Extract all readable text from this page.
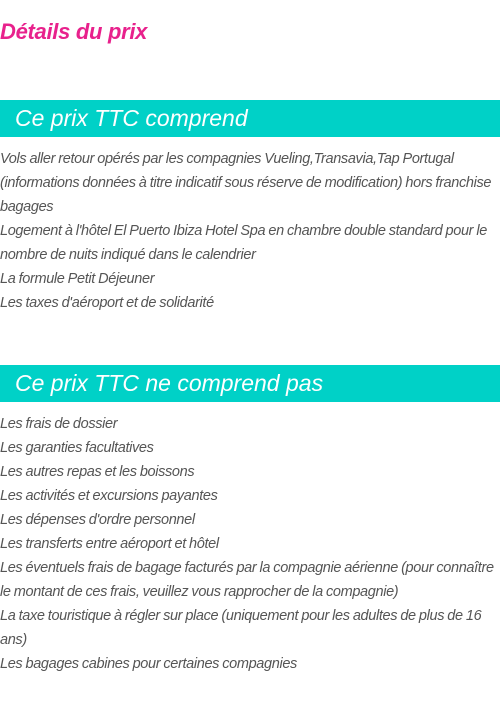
Détails du prix
Ce prix TTC comprend
Vols aller retour opérés par les compagnies Vueling,Transavia,Tap Portugal (informations données à titre indicatif sous réserve de modification) hors franchise bagages
Logement à l'hôtel El Puerto Ibiza Hotel Spa en chambre double standard pour le nombre de nuits indiqué dans le calendrier
La formule Petit Déjeuner
Les taxes d'aéroport et de solidarité
Ce prix TTC ne comprend pas
Les frais de dossier
Les garanties facultatives
Les autres repas et les boissons
Les activités et excursions payantes
Les dépenses d'ordre personnel
Les transferts entre aéroport et hôtel
Les éventuels frais de bagage facturés par la compagnie aérienne (pour connaître le montant de ces frais, veuillez vous rapprocher de la compagnie)
La taxe touristique à régler sur place (uniquement pour les adultes de plus de 16 ans)
Les bagages cabines pour certaines compagnies
